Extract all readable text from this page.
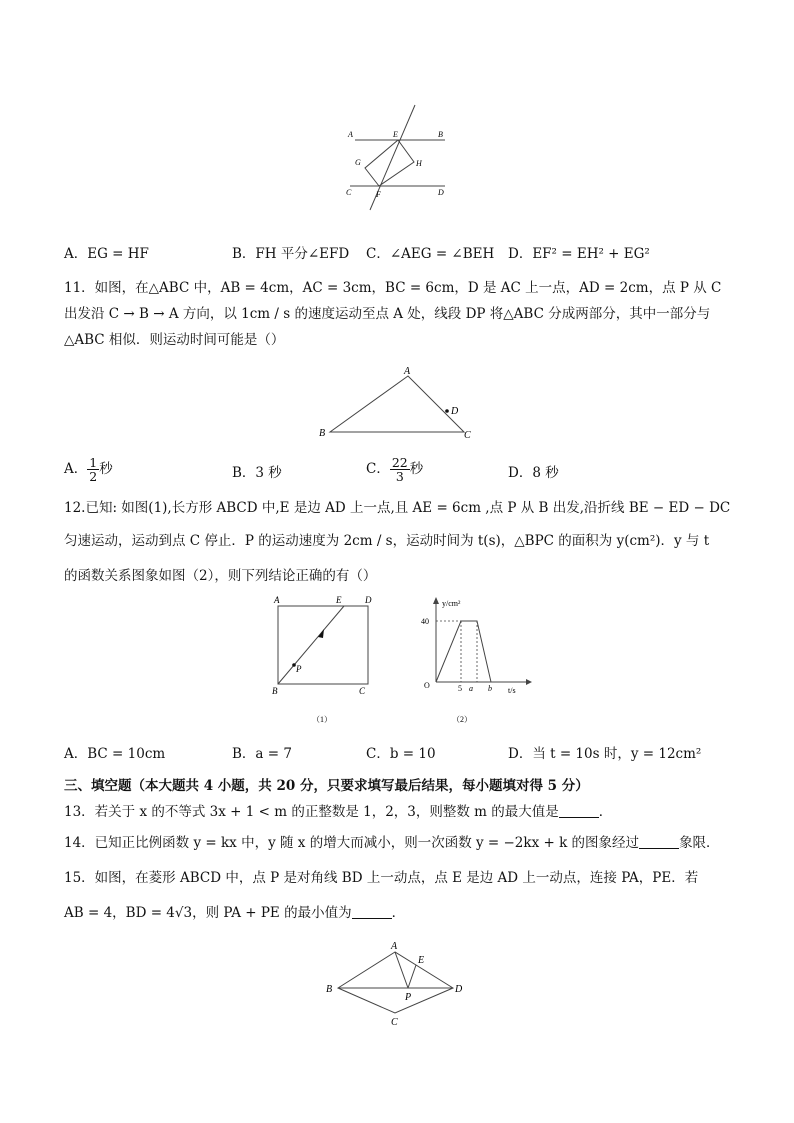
A	B
C	D
E
F
G	H
A．EG = HF	B．FH 平分∠EFD C．∠AEG = ∠BEH D．EF² = EH² + EG²
11．如图，在△ABC 中，AB = 4cm，AC = 3cm，BC = 6cm，D 是 AC 上一点，AD = 2cm，点 P 从 C
出发沿 C → B → A 方向，以 1cm / s 的速度运动至点 A 处，线段 DP 将△ABC 分成两部分，其中一部分与
△ABC 相似．则运动时间可能是（）
A
B	C
D
A． $\frac{1}{2}$ 秒	B．3 秒	C． $\frac{22}{3}$ 秒	D．8 秒
12.已知: 如图(1),长方形 ABCD 中,E 是边 AD 上一点,且 AE = 6cm ,点 P 从 B 出发,沿折线 BE − ED − DC
匀速运动，运动到点 C 停止．P 的运动速度为 2cm / s，运动时间为 t(s)，△BPC 的面积为 y(cm²)．y 与 t
的函数关系图象如图（2），则下列结论正确的有（）
A	E	D
B	C
P
（1）
y/cm²
t/s
O
40
5 a b
（2）
A．BC = 10cm	B．a = 7	C．b = 10	D．当 t = 10s 时，y = 12cm²
三、填空题（本大题共 4 小题，共 20 分，只要求填写最后结果，每小题填对得 5 分）
13．若关于 x 的不等式 3x + 1 < m 的正整数是 1，2，3，则整数 m 的最大值是	．
14．已知正比例函数 y = kx 中，y 随 x 的增大而减小，则一次函数 y = −2kx + k 的图象经过	象限．
15．如图，在菱形 ABCD 中，点 P 是对角线 BD 上一动点，点 E 是边 AD 上一动点，连接 PA，PE．若
AB = 4，BD = 4√3，则 PA + PE 的最小值为	．
A
B
C
D
E
P
